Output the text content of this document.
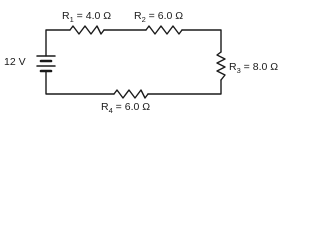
12 V
$R_1 = 4.0$ Ω $R_2 = 6.0$ Ω
$R_3 = 8.0$ Ω
$R_4 = 6.0$ Ω
